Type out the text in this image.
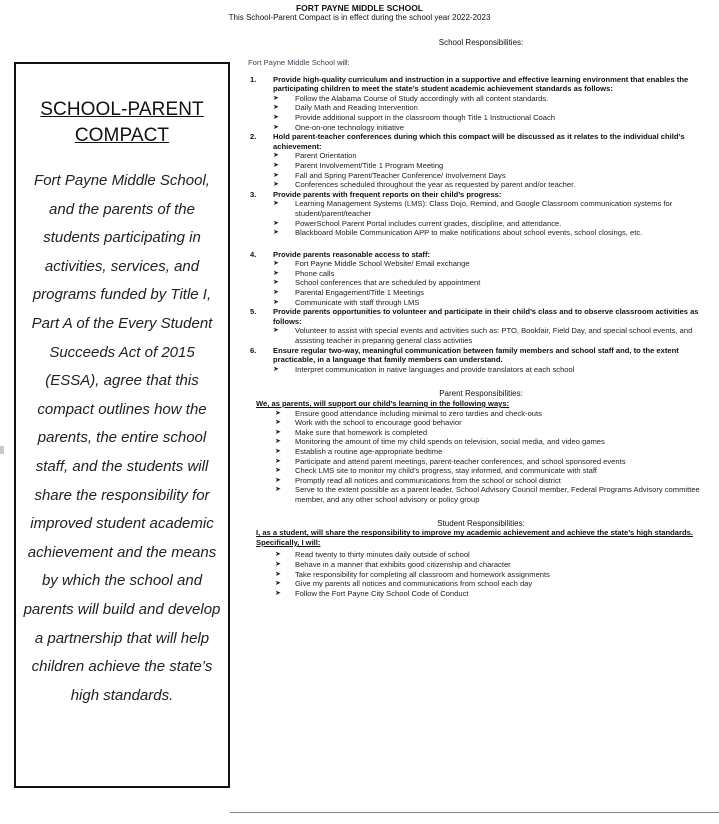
FORT PAYNE MIDDLE SCHOOL
This School-Parent Compact is in effect during the school year 2022-2023
SCHOOL-PARENT
COMPACT
Fort Payne Middle School, and the parents of the students participating in activities, services, and programs funded by Title I, Part A of the Every Student Succeeds Act of 2015 (ESSA), agree that this compact outlines how the parents, the entire school staff, and the students will share the responsibility for improved student academic achievement and the means by which the school and parents will build and develop a partnership that will help children achieve the state’s high standards.
School Responsibilities:
Fort Payne Middle School will:
1. Provide high-quality curriculum and instruction in a supportive and effective learning environment that enables the participating children to meet the state’s student academic achievement standards as follows:
➤ Follow the Alabama Course of Study accordingly with all content standards.
➤ Daily Math and Reading Intervention
➤ Provide additional support in the classroom though Title 1 Instructional Coach
➤ One-on-one technology initiative
2. Hold parent-teacher conferences during which this compact will be discussed as it relates to the individual child’s achievement:
➤ Parent Orientation
➤ Parent Involvement/Title 1 Program Meeting
➤ Fall and Spring Parent/Teacher Conference/ Involvement Days
➤ Conferences scheduled throughout the year as requested by parent and/or teacher.
3. Provide parents with frequent reports on their child’s progress:
➤ Learning Management Systems (LMS): Class Dojo, Remind, and Google Classroom communication systems for student/parent/teacher
➤ PowerSchool Parent Portal includes current grades, discipline, and attendance.
➤ Blackboard Mobile Communication APP to make notifications about school events, school closings, etc.
4. Provide parents reasonable access to staff:
➤ Fort Payne Middle School Website/ Email exchange
➤ Phone calls
➤ School conferences that are scheduled by appointment
➤ Parental Engagement/Title 1 Meetings
➤ Communicate with staff through LMS
5. Provide parents opportunities to volunteer and participate in their child’s class and to observe classroom activities as follows:
➤ Volunteer to assist with special events and activities such as: PTO, Bookfair, Field Day, and special school events, and assisting teacher in preparing general class activities
6. Ensure regular two-way, meaningful communication between family members and school staff and, to the extent practicable, in a language that family members can understand.
➤ Interpret communication in native languages and provide translators at each school
Parent Responsibilities:
We, as parents, will support our child’s learning in the following ways:
➤ Ensure good attendance including minimal to zero tardies and check-outs
➤ Work with the school to encourage good behavior
➤ Make sure that homework is completed
➤ Monitoring the amount of time my child spends on television, social media, and video games
➤ Establish a routine age-appropriate bedtime
➤ Participate and attend parent meetings, parent-teacher conferences, and school sponsored events
➤ Check LMS site to monitor my child’s progress, stay informed, and communicate with staff
➤ Promptly read all notices and communications from the school or school district
➤ Serve to the extent possible as a parent leader, School Advisory Council member, Federal Programs Advisory committee member, and any other school advisory or policy group
Student Responsibilities:
I, as a student, will share the responsibility to improve my academic achievement and achieve the state’s high standards. Specifically, I will:
➤ Read twenty to thirty minutes daily outside of school
➤ Behave in a manner that exhibits good citizenship and character
➤ Take responsibility for completing all classroom and homework assignments
➤ Give my parents all notices and communications from school each day
➤ Follow the Fort Payne City School Code of Conduct
